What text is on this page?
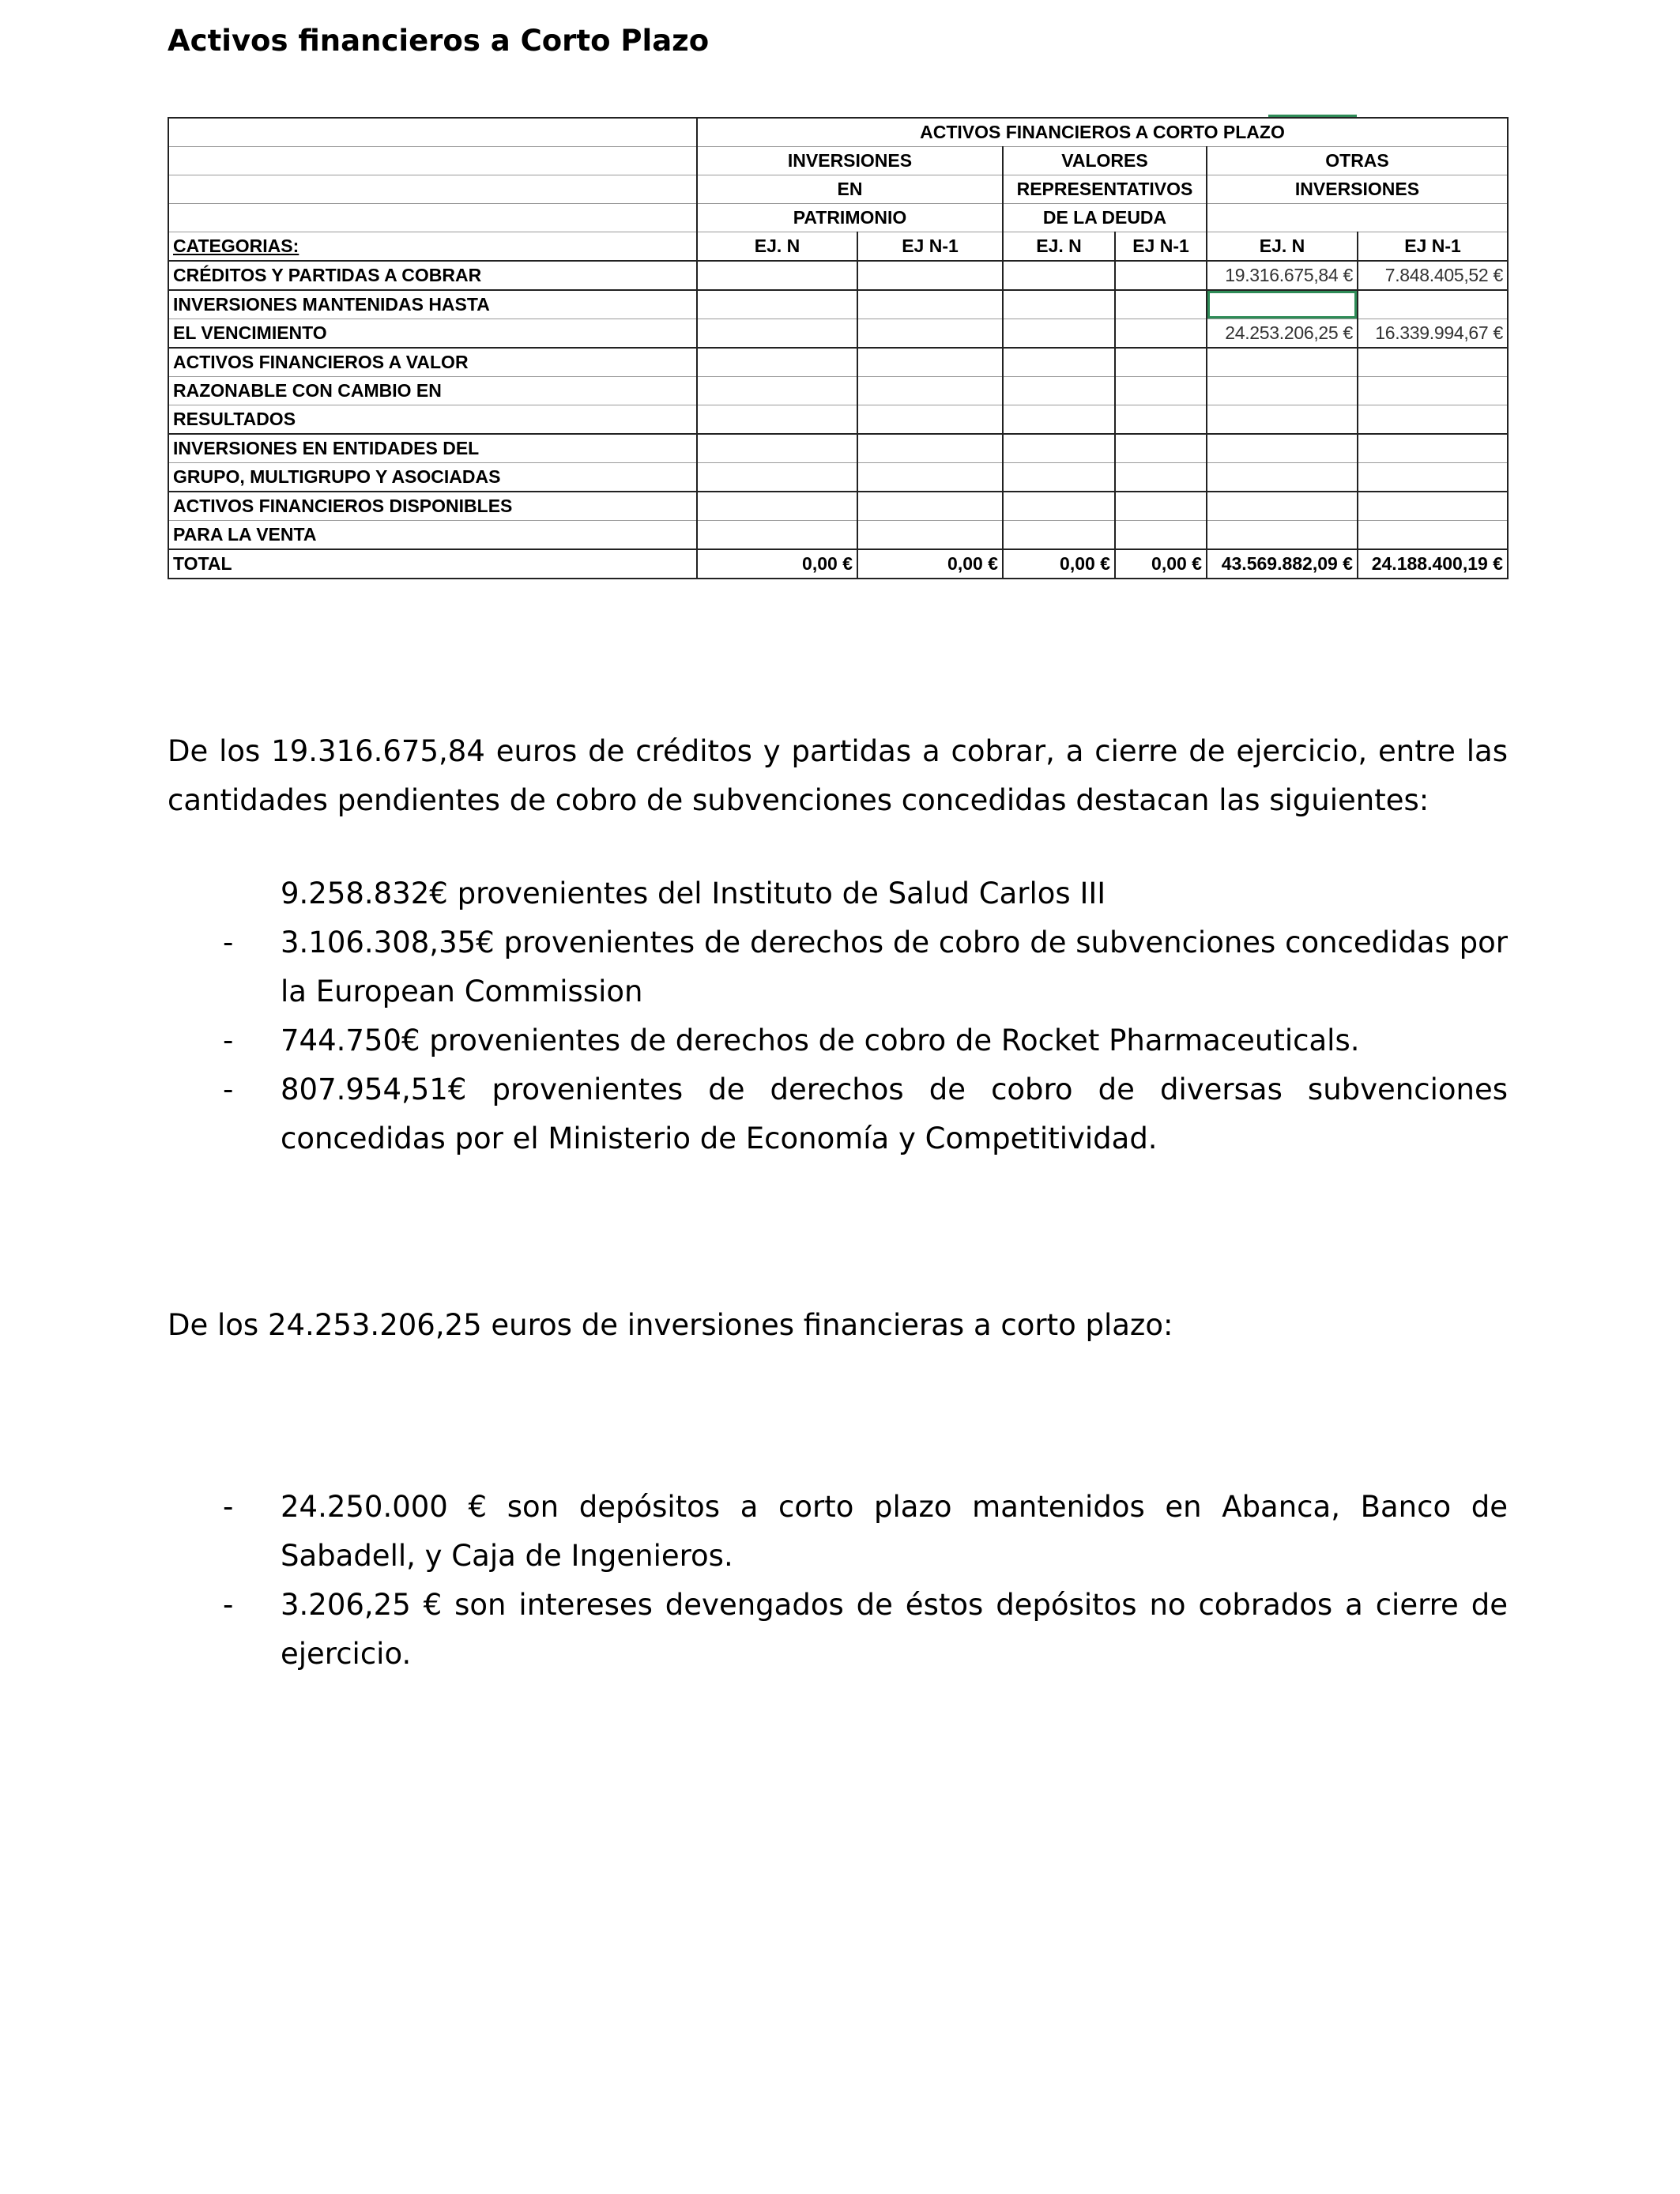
Activos financieros a Corto Plazo
	ACTIVOS FINANCIEROS A CORTO PLAZO					
	INVERSIONES		VALORES		OTRAS	
	EN		REPRESENTATIVOS		INVERSIONES	
	PATRIMONIO		DE LA DEUDA			
CATEGORIAS:	EJ. N	EJ N-1	EJ. N	EJ N-1	EJ. N	EJ N-1
CRÉDITOS Y PARTIDAS A COBRAR					19.316.675,84 €	7.848.405,52 €
INVERSIONES MANTENIDAS HASTA						
EL VENCIMIENTO					24.253.206,25 €	16.339.994,67 €
ACTIVOS FINANCIEROS A VALOR						
RAZONABLE CON CAMBIO EN						
RESULTADOS						
INVERSIONES EN ENTIDADES DEL						
GRUPO, MULTIGRUPO Y ASOCIADAS						
ACTIVOS FINANCIEROS DISPONIBLES						
PARA LA VENTA						
TOTAL	0,00 €	0,00 €	0,00 €	0,00 €	43.569.882,09 €	24.188.400,19 €

De los 19.316.675,84 euros de créditos y partidas a cobrar, a cierre de ejercicio, entre las cantidades pendientes de cobro de subvenciones concedidas destacan las siguientes:

9.258.832€ provenientes del Instituto de Salud Carlos III
- 3.106.308,35€ provenientes de derechos de cobro de subvenciones concedidas por la European Commission
- 744.750€ provenientes de derechos de cobro de Rocket Pharmaceuticals.
- 807.954,51€ provenientes de derechos de cobro de diversas subvenciones concedidas por el Ministerio de Economía y Competitividad.

De los 24.253.206,25 euros de inversiones financieras a corto plazo:

- 24.250.000 € son depósitos a corto plazo mantenidos en Abanca, Banco de Sabadell, y Caja de Ingenieros.
- 3.206,25 € son intereses devengados de éstos depósitos no cobrados a cierre de ejercicio.
